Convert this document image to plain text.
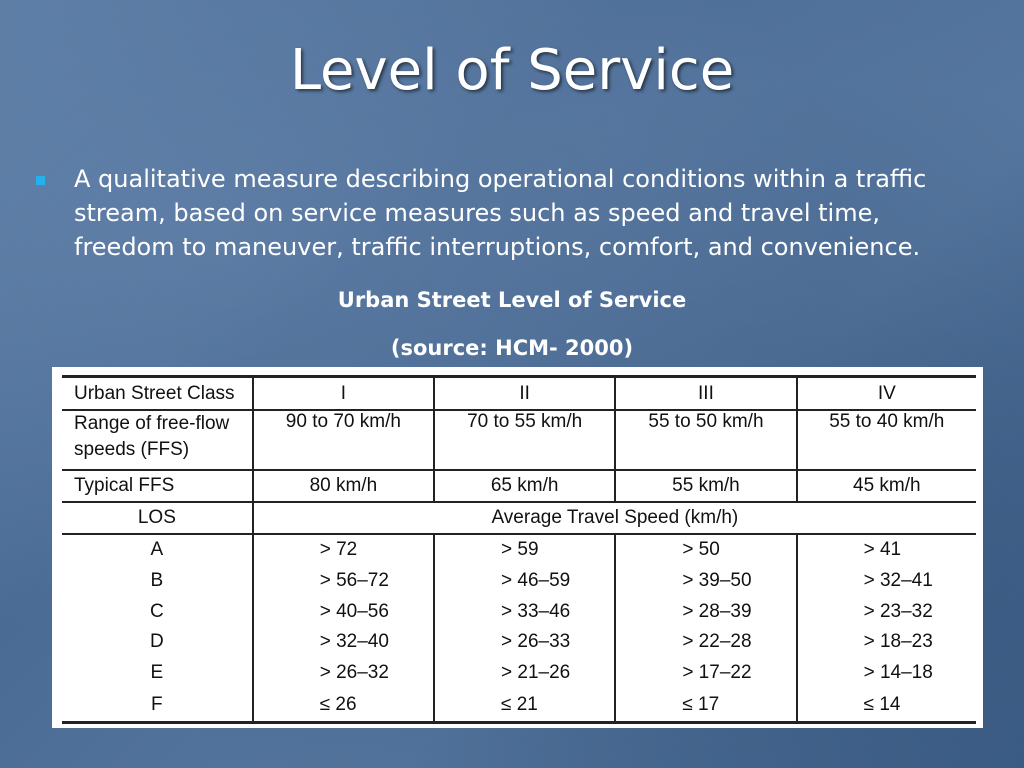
Level of Service
A qualitative measure describing operational conditions within a traffic stream, based on service measures such as speed and travel time, freedom to maneuver, traffic interruptions, comfort, and convenience.
Urban Street Level of Service
(source: HCM- 2000)
Urban Street Class	I	II	III	IV
Range of free-flow
speeds (FFS)	90 to 70 km/h	70 to 55 km/h	55 to 50 km/h	55 to 40 km/h
Typical FFS	80 km/h	65 km/h	55 km/h	45 km/h
LOS	Average Travel Speed (km/h)			
A	> 72	> 59	> 50	> 41
B	> 56–72	> 46–59	> 39–50	> 32–41
C	> 40–56	> 33–46	> 28–39	> 23–32
D	> 32–40	> 26–33	> 22–28	> 18–23
E	> 26–32	> 21–26	> 17–22	> 14–18
F	≤ 26	≤ 21	≤ 17	≤ 14
